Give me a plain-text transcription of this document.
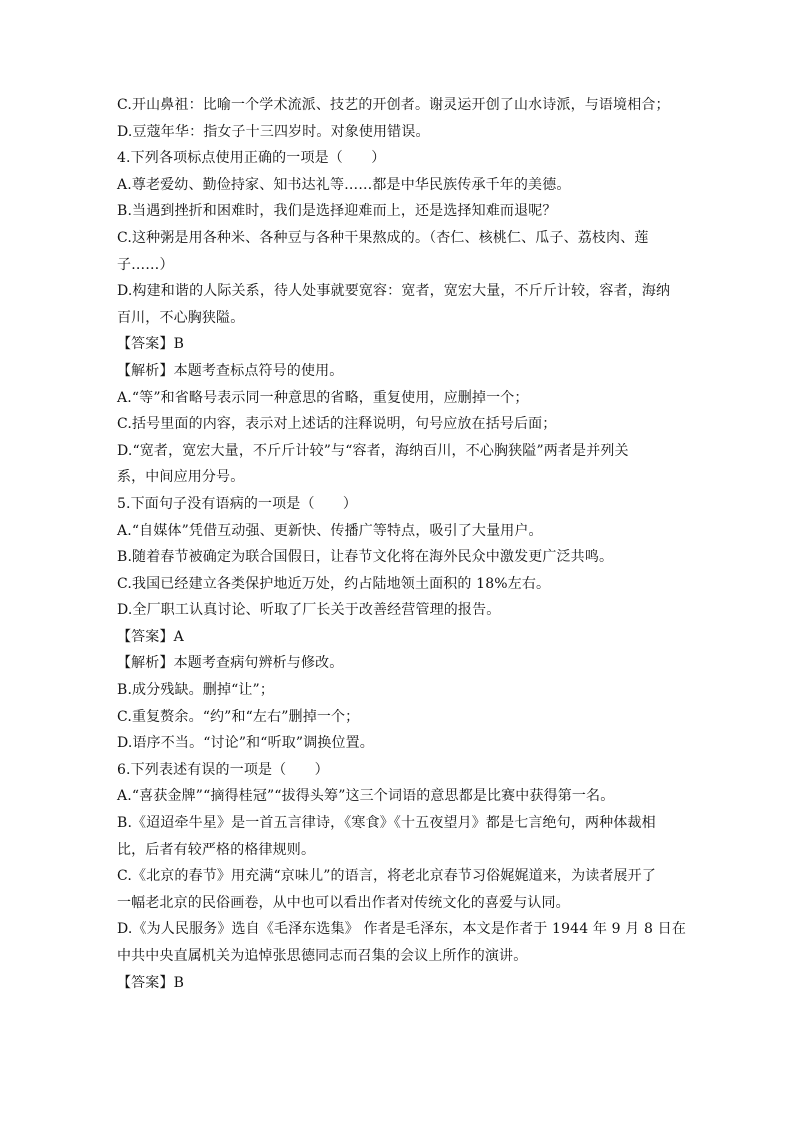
C.开山鼻祖：比喻一个学术流派、技艺的开创者。谢灵运开创了山水诗派，与语境相合；
D.豆蔻年华：指女子十三四岁时。对象使用错误。
4.下列各项标点使用正确的一项是（　　）
A.尊老爱幼、勤俭持家、知书达礼等……都是中华民族传承千年的美德。
B.当遇到挫折和困难时，我们是选择迎难而上，还是选择知难而退呢？
C.这种粥是用各种米、各种豆与各种干果熬成的。（杏仁、核桃仁、瓜子、荔枝肉、莲
子……）
D.构建和谐的人际关系，待人处事就要宽容：宽者，宽宏大量，不斤斤计较，容者，海纳
百川，不心胸狭隘。
【答案】B
【解析】本题考查标点符号的使用。
A.“等”和省略号表示同一种意思的省略，重复使用，应删掉一个；
C.括号里面的内容，表示对上述话的注释说明，句号应放在括号后面；
D.“宽者，宽宏大量，不斤斤计较”与“容者，海纳百川，不心胸狭隘”两者是并列关
系，中间应用分号。
5.下面句子没有语病的一项是（　　）
A.“自媒体”凭借互动强、更新快、传播广等特点，吸引了大量用户。
B.随着春节被确定为联合国假日，让春节文化将在海外民众中激发更广泛共鸣。
C.我国已经建立各类保护地近万处，约占陆地领土面积的 18%左右。
D.全厂职工认真讨论、听取了厂长关于改善经营管理的报告。
【答案】A
【解析】本题考查病句辨析与修改。
B.成分残缺。删掉“让”；
C.重复赘余。“约”和“左右”删掉一个；
D.语序不当。“讨论”和“听取”调换位置。
6.下列表述有误的一项是（　　）
A.“喜获金牌”“摘得桂冠”“拔得头筹”这三个词语的意思都是比赛中获得第一名。
B.《迢迢牵牛星》是一首五言律诗，《寒食》《十五夜望月》都是七言绝句，两种体裁相
比，后者有较严格的格律规则。
C.《北京的春节》用充满“京味儿”的语言，将老北京春节习俗娓娓道来，为读者展开了
一幅老北京的民俗画卷，从中也可以看出作者对传统文化的喜爱与认同。
D.《为人民服务》选自《毛泽东选集》 作者是毛泽东，本文是作者于 1944 年 9 月 8 日在
中共中央直属机关为追悼张思德同志而召集的会议上所作的演讲。
【答案】B
